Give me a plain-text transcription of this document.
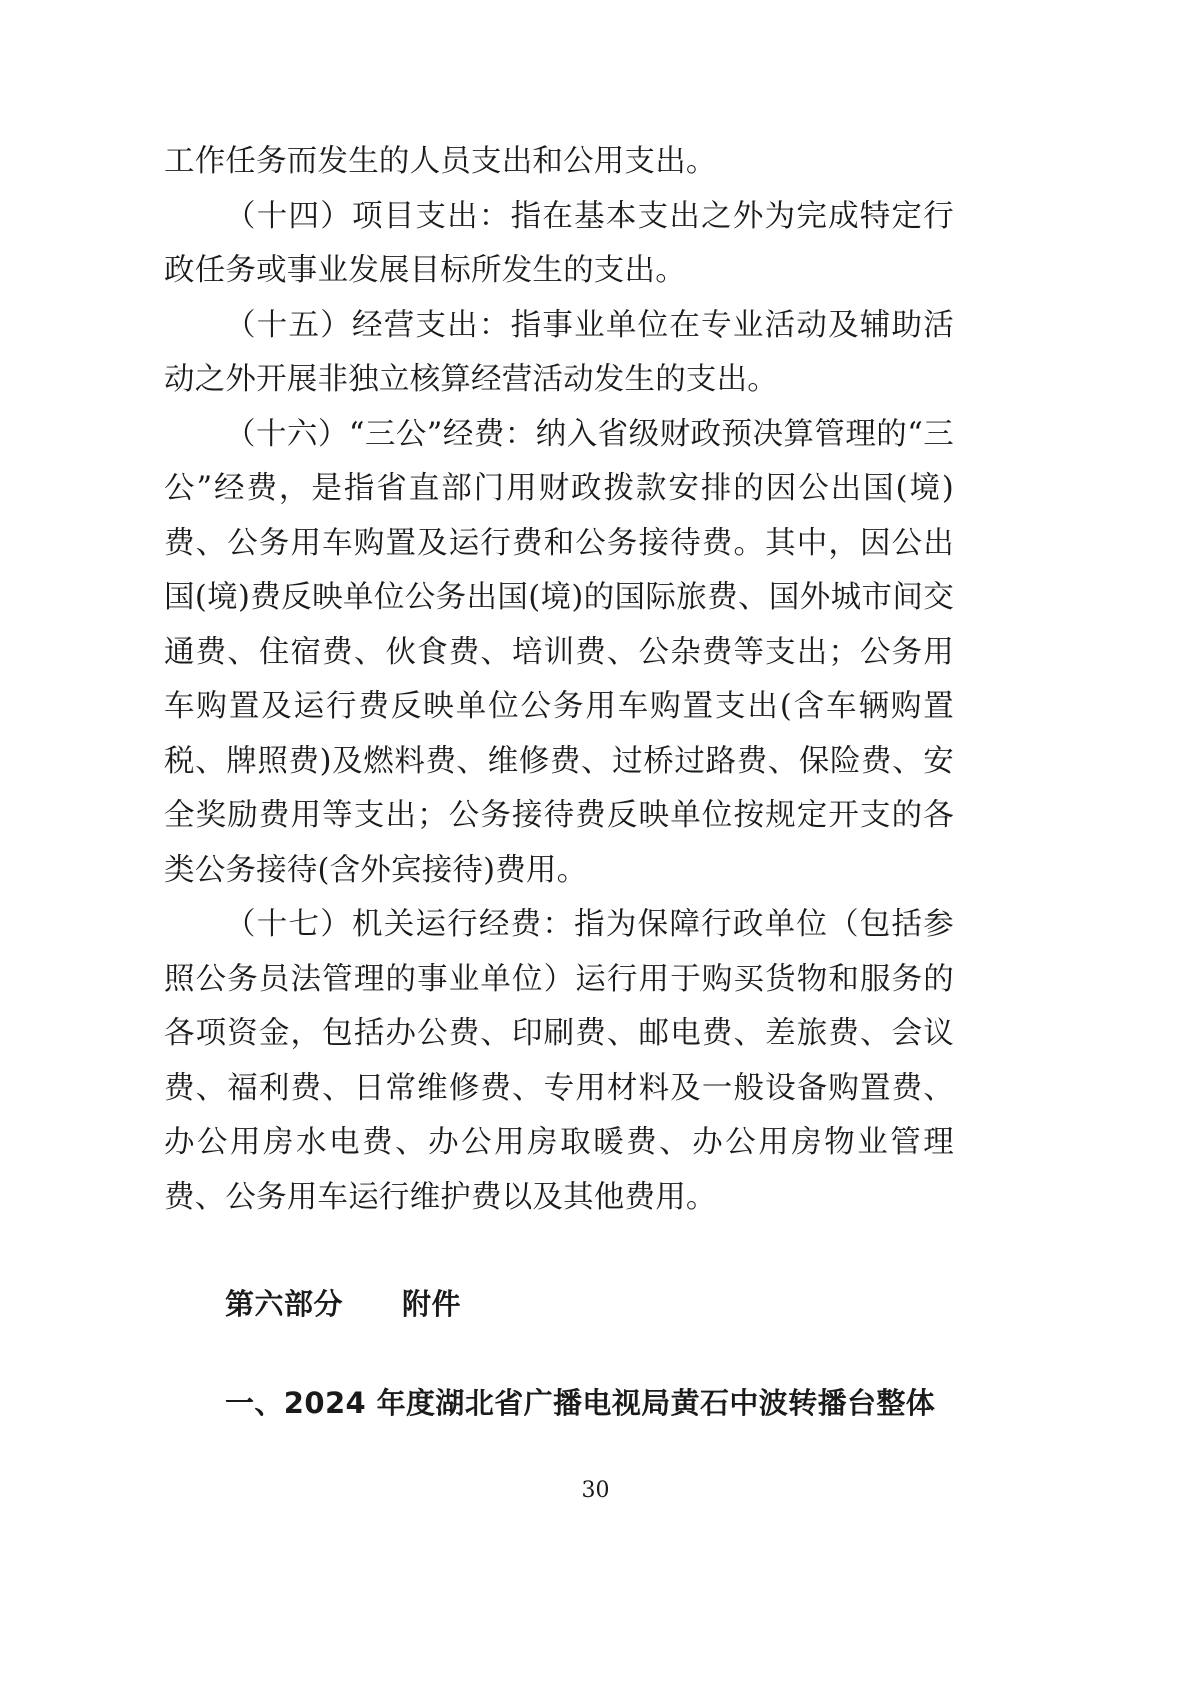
工作任务而发生的人员支出和公用支出。

（十四）项目支出：指在基本支出之外为完成特定行政任务或事业发展目标所发生的支出。

（十五）经营支出：指事业单位在专业活动及辅助活动之外开展非独立核算经营活动发生的支出。

（十六）“三公”经费：纳入省级财政预决算管理的“三公”经费，是指省直部门用财政拨款安排的因公出国(境)费、公务用车购置及运行费和公务接待费。其中，因公出国(境)费反映单位公务出国(境)的国际旅费、国外城市间交通费、住宿费、伙食费、培训费、公杂费等支出；公务用车购置及运行费反映单位公务用车购置支出(含车辆购置税、牌照费)及燃料费、维修费、过桥过路费、保险费、安全奖励费用等支出；公务接待费反映单位按规定开支的各类公务接待(含外宾接待)费用。

（十七）机关运行经费：指为保障行政单位（包括参照公务员法管理的事业单位）运行用于购买货物和服务的各项资金，包括办公费、印刷费、邮电费、差旅费、会议费、福利费、日常维修费、专用材料及一般设备购置费、办公用房水电费、办公用房取暖费、办公用房物业管理费、公务用车运行维护费以及其他费用。

第六部分　　附件

一、2024 年度湖北省广播电视局黄石中波转播台整体

30
